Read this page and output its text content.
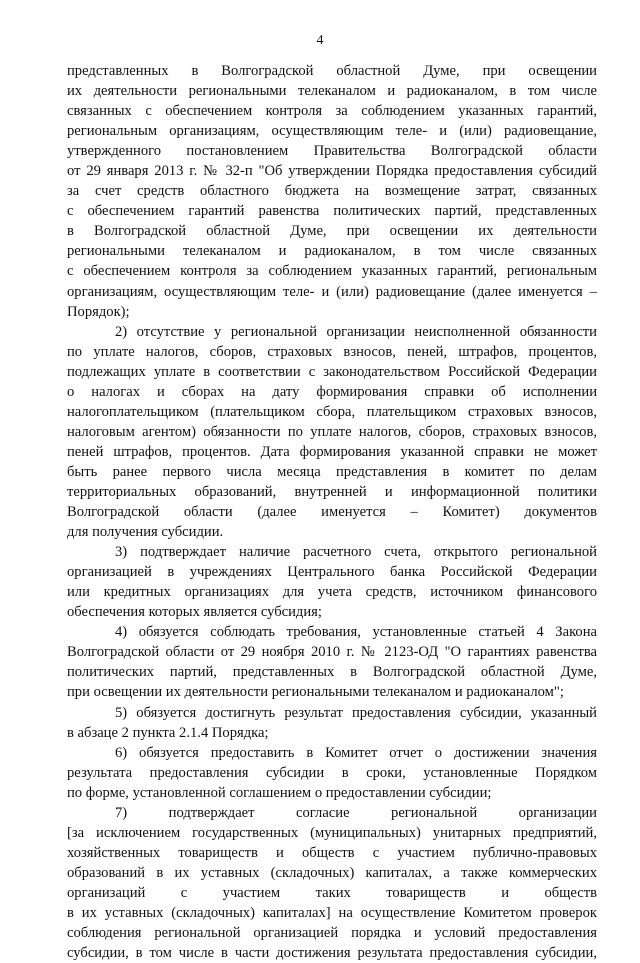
4
представленных в Волгоградской областной Думе, при освещении
их деятельности региональными телеканалом и радиоканалом, в том числе
связанных с обеспечением контроля за соблюдением указанных гарантий,
региональным организациям, осуществляющим теле- и (или) радиовещание,
утвержденного постановлением Правительства Волгоградской области
от 29 января 2013 г. № 32-п "Об утверждении Порядка предоставления субсидий
за счет средств областного бюджета на возмещение затрат, связанных
с обеспечением гарантий равенства политических партий, представленных
в Волгоградской областной Думе, при освещении их деятельности
региональными телеканалом и радиоканалом, в том числе связанных
с обеспечением контроля за соблюдением указанных гарантий, региональным
организациям, осуществляющим теле- и (или) радиовещание (далее именуется –
Порядок);
2) отсутствие у региональной организации неисполненной обязанности
по уплате налогов, сборов, страховых взносов, пеней, штрафов, процентов,
подлежащих уплате в соответствии с законодательством Российской Федерации
о налогах и сборах на дату формирования справки об исполнении
налогоплательщиком (плательщиком сбора, плательщиком страховых взносов,
налоговым агентом) обязанности по уплате налогов, сборов, страховых взносов,
пеней штрафов, процентов. Дата формирования указанной справки не может
быть ранее первого числа месяца представления в комитет по делам
территориальных образований, внутренней и информационной политики
Волгоградской области (далее именуется – Комитет) документов
для получения субсидии.
3) подтверждает наличие расчетного счета, открытого региональной
организацией в учреждениях Центрального банка Российской Федерации
или кредитных организациях для учета средств, источником финансового
обеспечения которых является субсидия;
4) обязуется соблюдать требования, установленные статьей 4 Закона
Волгоградской области от 29 ноября 2010 г. № 2123-ОД "О гарантиях равенства
политических партий, представленных в Волгоградской областной Думе,
при освещении их деятельности региональными телеканалом и радиоканалом";
5) обязуется достигнуть результат предоставления субсидии, указанный
в абзаце 2 пункта 2.1.4 Порядка;
6) обязуется предоставить в Комитет отчет о достижении значения
результата предоставления субсидии в сроки, установленные Порядком
по форме, установленной соглашением о предоставлении субсидии;
7) подтверждает согласие региональной организации
[за исключением государственных (муниципальных) унитарных предприятий,
хозяйственных товариществ и обществ с участием публично-правовых
образований в их уставных (складочных) капиталах, а также коммерческих
организаций с участием таких товариществ и обществ
в их уставных (складочных) капиталах] на осуществление Комитетом проверок
соблюдения региональной организацией порядка и условий предоставления
субсидии, в том числе в части достижения результата предоставления субсидии,
